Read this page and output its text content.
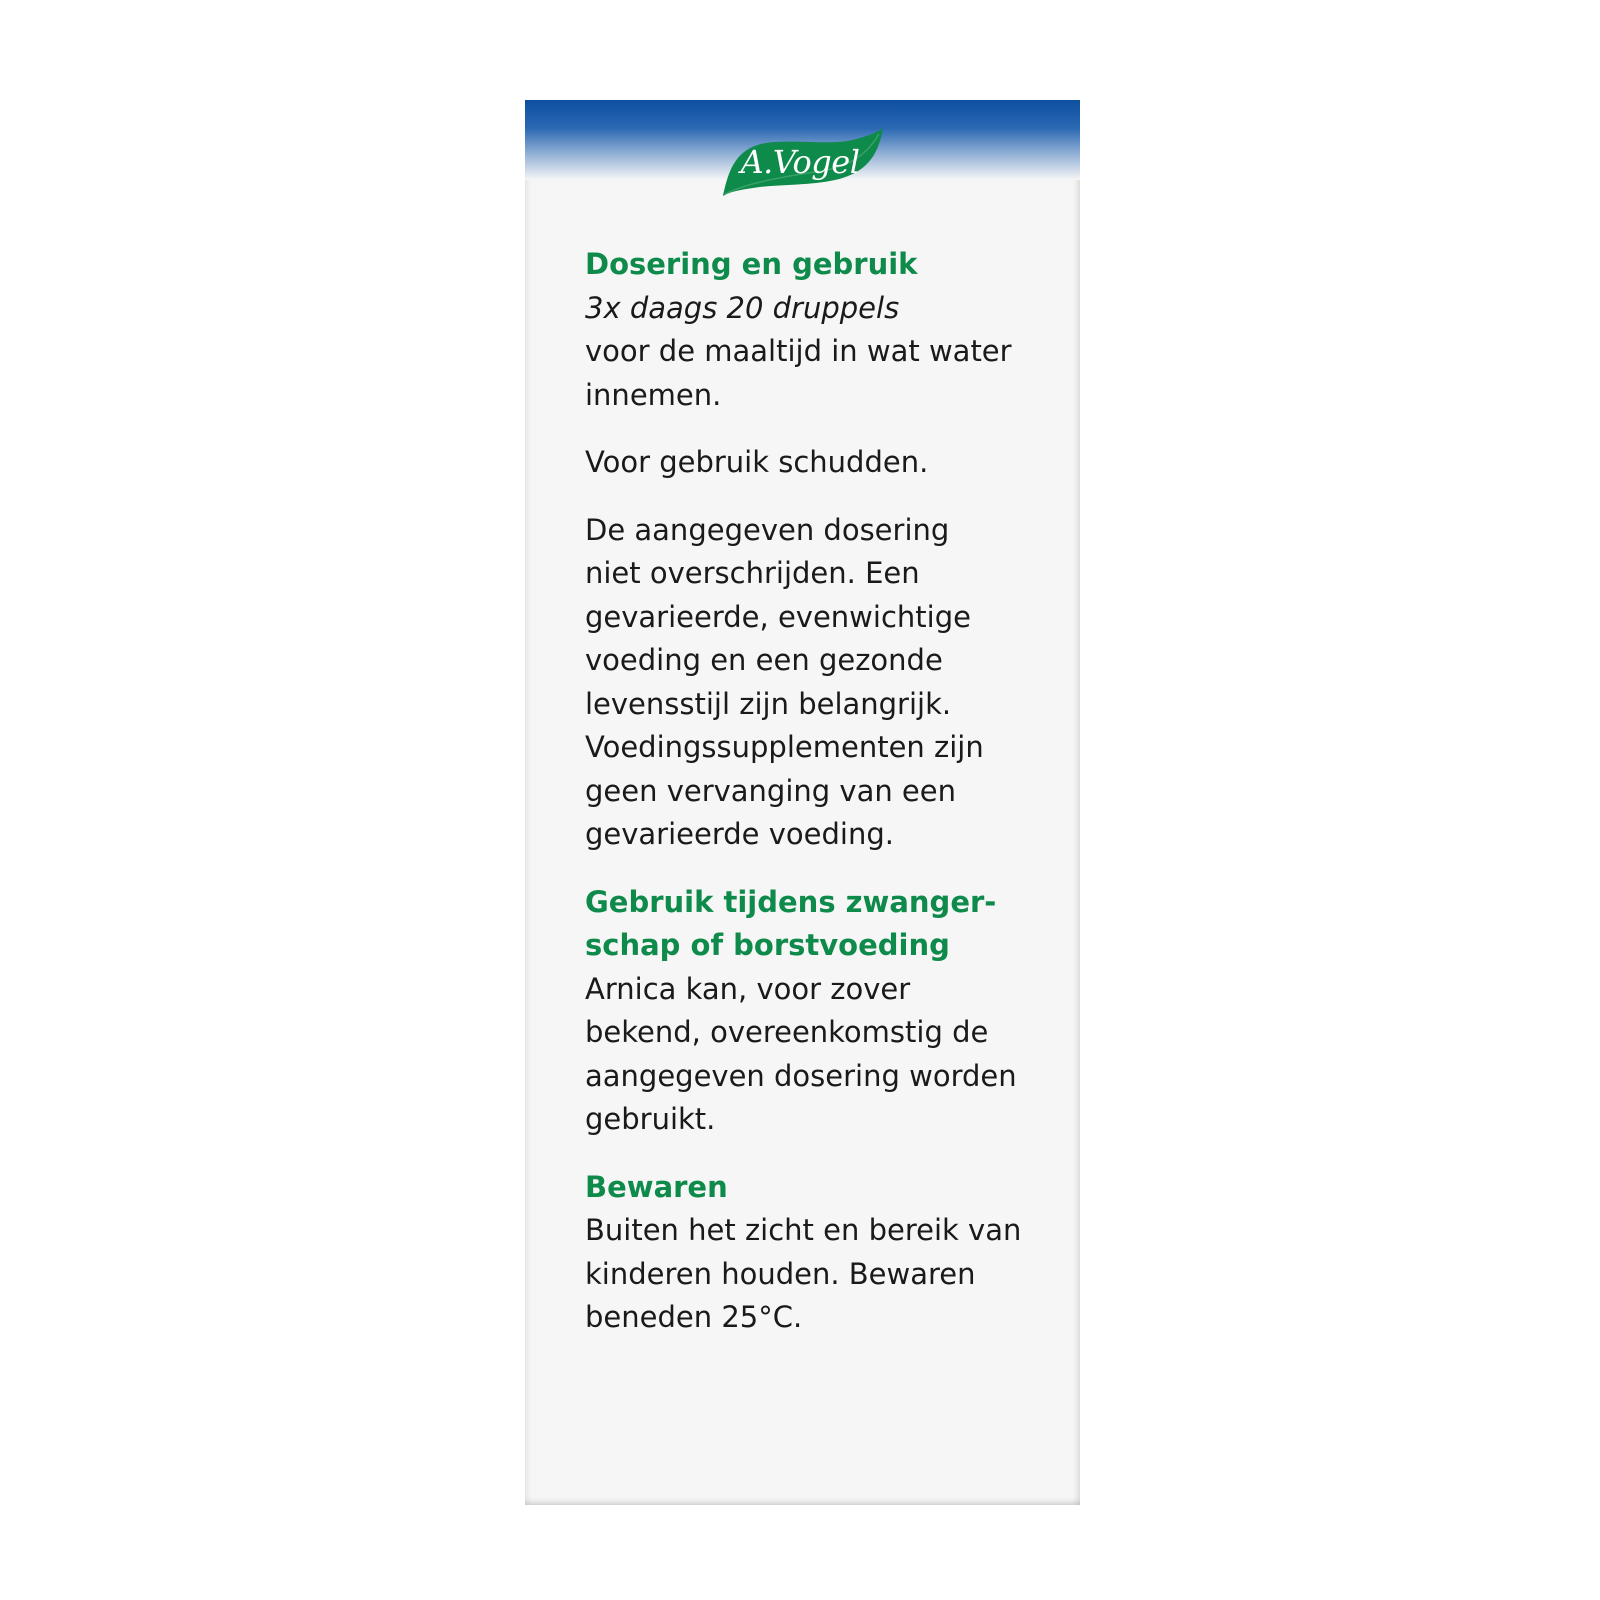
A.Vogel

Dosering en gebruik

3x daags 20 druppels

voor de maaltijd in wat water

innemen.

Voor gebruik schudden.

De aangegeven dosering

niet overschrijden. Een

gevarieerde, evenwichtige

voeding en een gezonde

levensstijl zijn belangrijk.

Voedingssupplementen zijn

geen vervanging van een

gevarieerde voeding.

Gebruik tijdens zwanger-

schap of borstvoeding

Arnica kan, voor zover

bekend, overeenkomstig de

aangegeven dosering worden

gebruikt.

Bewaren

Buiten het zicht en bereik van

kinderen houden. Bewaren

beneden 25°C.
